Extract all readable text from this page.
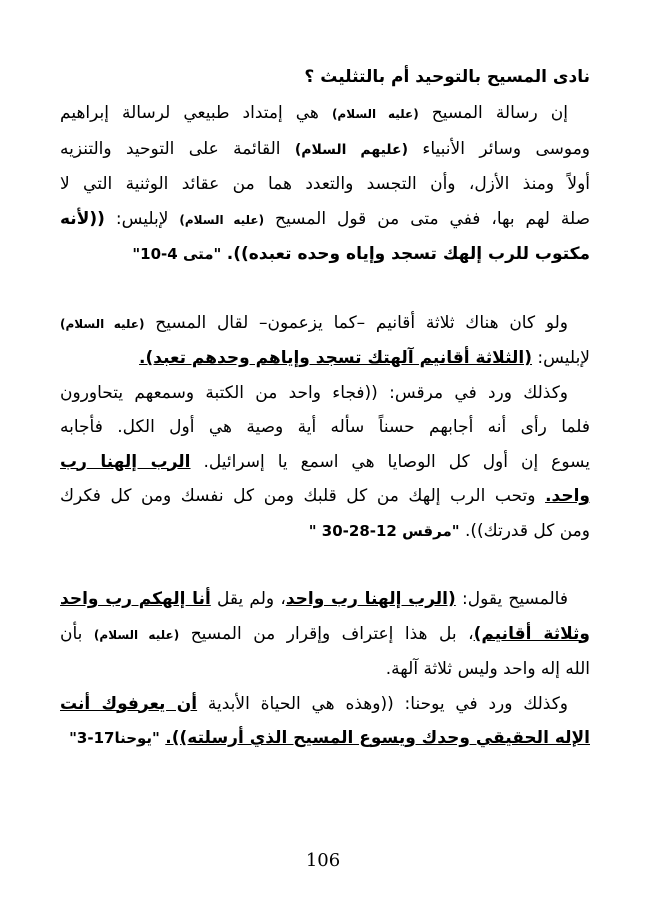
نادى المسيح بالتوحيد أم بالتثليث ؟
إن رسالة المسيح (عليه السلام) هي إمتداد طبيعي لرسالة إبراهيم
وموسى وسائر الأنبياء (عليهم السلام) القائمة على التوحيد والتنزيه
أولاً ومنذ الأزل، وأن التجسد والتعدد هما من عقائد الوثنية التي لا
صلة لهم بها، ففي متى من قول المسيح (عليه السلام) لإبليس: ((لأنه
مكتوب للرب إلهك تسجد وإياه وحده تعبده)). "متى 4-10"
ولو كان هناك ثلاثة أقانيم –كما يزعمون– لقال المسيح (عليه السلام)
لإبليس: (الثلاثة أقانيم آلهتك تسجد وإياهم وحدهم تعبد).
وكذلك ورد في مرقس: ((فجاء واحد من الكتبة وسمعهم يتحاورون
فلما رأى أنه أجابهم حسناً سأله أية وصية هي أول الكل. فأجابه
يسوع إن أول كل الوصايا هي اسمع يا إسرائيل. الرب إلهنا رب
واحد. وتحب الرب إلهك من كل قلبك ومن كل نفسك ومن كل فكرك
ومن كل قدرتك)). "مرقس 12-28-30 "
فالمسيح يقول: (الرب إلهنا رب واحد، ولم يقل أنا إلهكم رب واحد
وثلاثة أقانيم)، بل هذا إعتراف وإقرار من المسيح (عليه السلام) بأن
الله إله واحد وليس ثلاثة آلهة.
وكذلك ورد في يوحنا: ((وهذه هي الحياة الأبدية أن يعرفوك أنت
الإله الحقيقي وحدك ويسوع المسيح الذي أرسلته)). "يوحنا17-3"
106
